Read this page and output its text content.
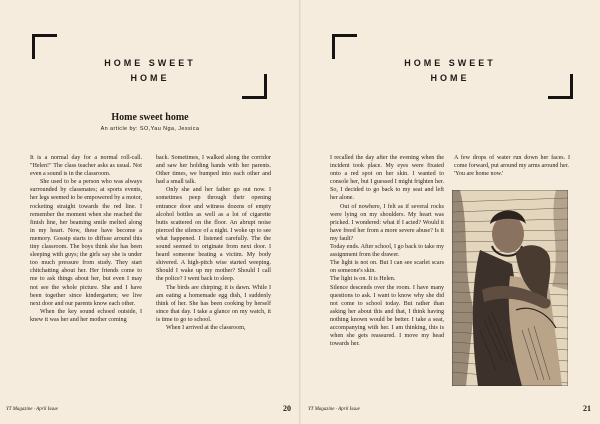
HOME SWEET
HOME
Home sweet home
An article by: SO,Yau Nga, Jessica

It is a normal day for a normal roll-call. "Helen!" The class teacher asks as usual. Not even a sound is in the classroom.

She used to be a person who was always surrounded by classmates; at sports events, her legs seemed to be empowered by a motor, rocketing straight towards the red line. I remember the moment when she reached the finish line, her beaming smile melted along in my heart. Now, these have become a memory. Gossip starts to diffuse around this tiny classroom. The boys think she has been sleeping with guys; the girls say she is under too much pressure from study. They start chitchatting about her. Her friends come to me to ask things about her, but even I may not see the whole picture. She and I have been together since kindergarten; we live next door and our parents know each other.

When the key sound echoed outside, I knew it was her and her mother coming

back. Sometimes, I walked along the corridor and saw her holding hands with her parents. Other times, we bumped into each other and had a small talk.

Only she and her father go out now. I sometimes peep through their opening entrance door and witness dozens of empty alcohol bottles as well as a lot of cigarette butts scattered on the floor. An abrupt noise pierced the silence of a night. I woke up to see what happened. I listened carefully. The the sound seemed to originate from next door. I heard someone beating a victim. My body shivered. A high-pitch wise started weeping. Should I wake up my mother? Should I call the police? I went back to sleep.

The birds are chirping; it is dawn. While I am eating a homemade egg dish, I suddenly think of her. She has been cooking by herself since that day. I take a glance on my watch, it is time to go to school.

When I arrived at the classroom,

YT Magazine · April Issue	20
HOME SWEET
HOME

I recalled the day after the evening when the incident took place. My eyes were fixated onto a red spot on her skin. I wanted to console her, but I guessed I might frighten her. So, I decided to go back to my seat and left her alone.

Out of nowhere, I felt as if several rocks were lying on my shoulders. My heart was pricked. I wondered: what if I acted? Would it have freed her from a more severe abuse? Is it my fault?

Today ends. After school, I go back to take my assignment from the drawer.

The light is not on. But I can see scarlet scars on someone's skin.

The light is on. It is Helen.

Silence descends over the room. I have many questions to ask. I want to know why she did not come to school today. But rather than asking her about this and that, I think having nothing known would be better. I take a seat, accompanying with her. I am thinking, this is when she gets reassured. I move my head towards her.

A few drops of water run down her faces. I come forward, put around my arms around her.

'You are home now.'

YT Magazine · April Issue	21
